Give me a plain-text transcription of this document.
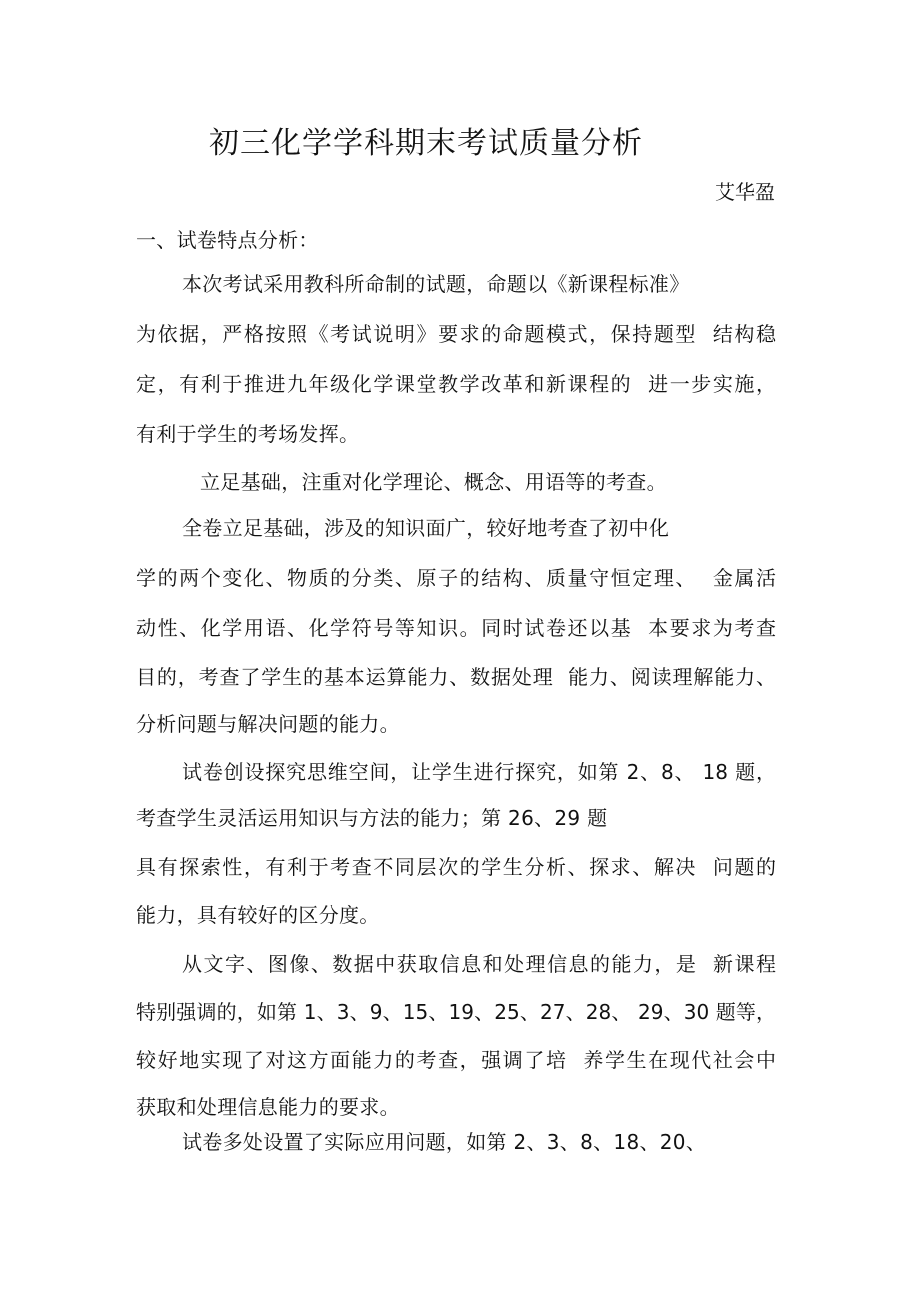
初三化学学科期末考试质量分析
艾华盈
一、试卷特点分析：
本次考试采用教科所命制的试题，命题以《新课程标准》
为依据，严格按照《考试说明》要求的命题模式，保持题型  结构稳
定，有利于推进九年级化学课堂教学改革和新课程的  进一步实施，
有利于学生的考场发挥。
立足基础，注重对化学理论、概念、用语等的考查。
全卷立足基础，涉及的知识面广，较好地考查了初中化
学的两个变化、物质的分类、原子的结构、质量守恒定理、  金属活
动性、化学用语、化学符号等知识。同时试卷还以基  本要求为考查
目的，考查了学生的基本运算能力、数据处理  能力、阅读理解能力、
分析问题与解决问题的能力。
试卷创设探究思维空间，让学生进行探究，如第 2、8、 18 题，
考查学生灵活运用知识与方法的能力；第 26、29 题
具有探索性，有利于考查不同层次的学生分析、探求、解决  问题的
能力，具有较好的区分度。
从文字、图像、数据中获取信息和处理信息的能力，是  新课程
特别强调的，如第 1、3、9、15、19、25、27、28、 29、30 题等，
较好地实现了对这方面能力的考查，强调了培  养学生在现代社会中
获取和处理信息能力的要求。
试卷多处设置了实际应用问题，如第 2、3、8、18、20、
